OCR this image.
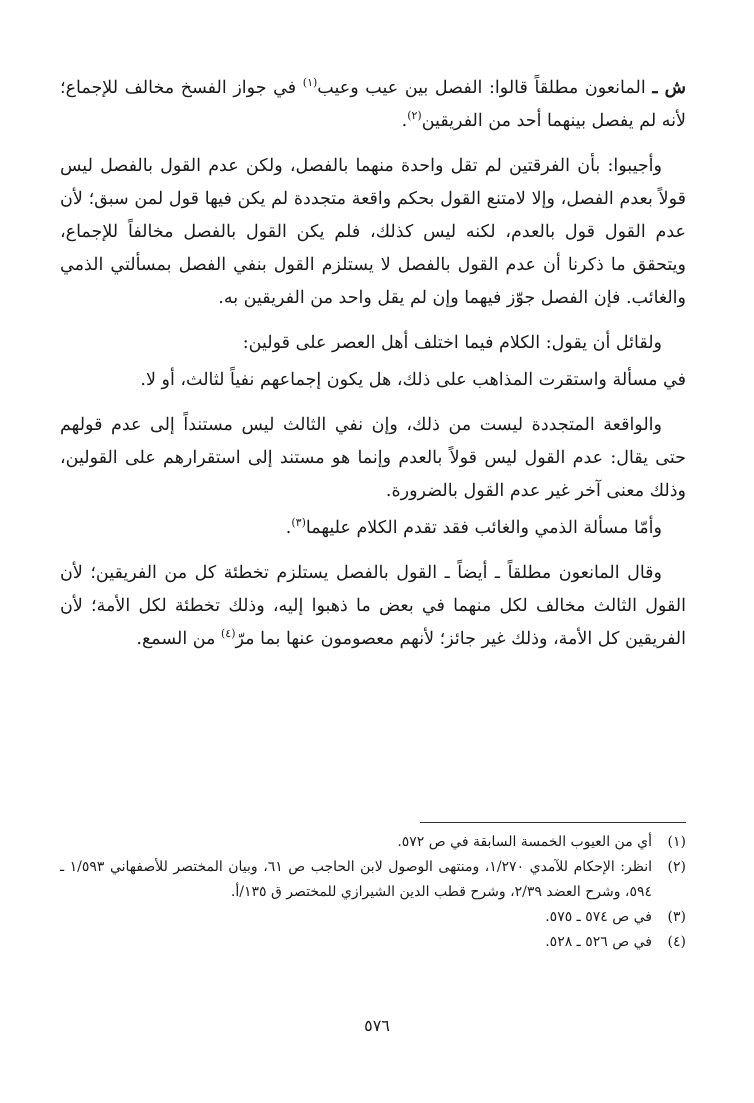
ش ـ المانعون مطلقاً قالوا: الفصل بين عيب وعيب$^{(١)}$ في جواز الفسخ مخالف للإجماع؛ لأنه لم يفصل بينهما أحد من الفريقين$^{(٢)}$.

وأجيبوا: بأن الفرقتين لم تقل واحدة منهما بالفصل، ولكن عدم القول بالفصل ليس قولاً بعدم الفصل، وإلا لامتنع القول بحكم واقعة متجددة لم يكن فيها قول لمن سبق؛ لأن عدم القول قول بالعدم، لكنه ليس كذلك، فلم يكن القول بالفصل مخالفاً للإجماع، ويتحقق ما ذكرنا أن عدم القول بالفصل لا يستلزم القول بنفي الفصل بمسألتي الذمي والغائب. فإن الفصل جوّز فيهما وإن لم يقل واحد من الفريقين به.

ولقائل أن يقول: الكلام فيما اختلف أهل العصر على قولين:

في مسألة واستقرت المذاهب على ذلك، هل يكون إجماعهم نفياً لثالث، أو لا.

والواقعة المتجددة ليست من ذلك، وإن نفي الثالث ليس مستنداً إلى عدم قولهم حتى يقال: عدم القول ليس قولاً بالعدم وإنما هو مستند إلى استقرارهم على القولين، وذلك معنى آخر غير عدم القول بالضرورة.

وأمّا مسألة الذمي والغائب فقد تقدم الكلام عليهما$^{(٣)}$.

وقال المانعون مطلقاً ـ أيضاً ـ القول بالفصل يستلزم تخطئة كل من الفريقين؛ لأن القول الثالث مخالف لكل منهما في بعض ما ذهبوا إليه، وذلك تخطئة لكل الأمة؛ لأن الفريقين كل الأمة، وذلك غير جائز؛ لأنهم معصومون عنها بما مرّ$^{(٤)}$ من السمع.

(١)
أي من العيوب الخمسة السابقة في ص ٥٧٢.
(٢)
انظر: الإحكام للآمدي ١/٢٧٠، ومنتهى الوصول لابن الحاجب ص ٦١، وبيان المختصر للأصفهاني ١/٥٩٣ ـ ٥٩٤، وشرح العضد ٢/٣٩، وشرح قطب الدين الشيرازي للمختصر ق ١٣٥/أ.
(٣)
في ص ٥٧٤ ـ ٥٧٥.
(٤)
في ص ٥٢٦ ـ ٥٢٨.
٥٧٦
